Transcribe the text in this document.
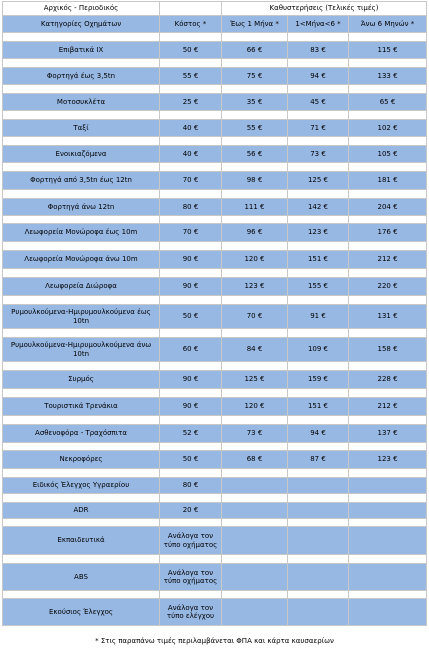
Αρχικός - Περιοδικός		Καθυστερήσεις (Τελικές τιμές)		
Κατηγορίες Οχημάτων	Κόστος *	Έως 1 Μήνα *	1<Μήνα<6 *	Άνω 6 Μηνών *

Επιβατικά ΙΧ	50 €	66 €	83 €	115 €

Φορτηγά έως 3,5tn	55 €	75 €	94 €	133 €

Μοτοσυκλέτα	25 €	35 €	45 €	65 €

Ταξί	40 €	55 €	71 €	102 €

Ενοικιαζόμενα	40 €	56 €	73 €	105 €

Φορτηγά από 3,5tn έως 12tn	70 €	98 €	125 €	181 €

Φορτηγά άνω 12tn	80 €	111 €	142 €	204 €

Λεωφορεία Μονώροφα έως 10m	70 €	96 €	123 €	176 €

Λεωφορεία Μονώροφα άνω 10m	90 €	120 €	151 €	212 €

Λεωφορεία Διώροφα	90 €	123 €	155 €	220 €

Ρυμουλκούμενα-Ημιρυμουλκούμενα έως 10tn	50 €	70 €	91 €	131 €

Ρυμουλκούμενα-Ημιρυμουλκούμενα άνω 10tn	60 €	84 €	109 €	158 €

Συρμός	90 €	125 €	159 €	228 €

Τουριστικά Τρενάκια	90 €	120 €	151 €	212 €

Ασθενοφόρα - Τραχόσπιτα	52 €	73 €	94 €	137 €

Νεκροφόρες	50 €	68 €	87 €	123 €

Ειδικός Έλεγχος Υγραερίου	80 €			

ADR	20 €			

Εκπαιδευτικά	Ανάλογα τον τύπο οχήματος			

ABS	Ανάλογα τον τύπο οχήματος			

Εκούσιος Έλεγχος	Ανάλογα τον τύπο ελέγχου			
* Στις παραπάνω τιμές περιλαμβάνεται ΦΠΑ και κάρτα καυσαερίων
